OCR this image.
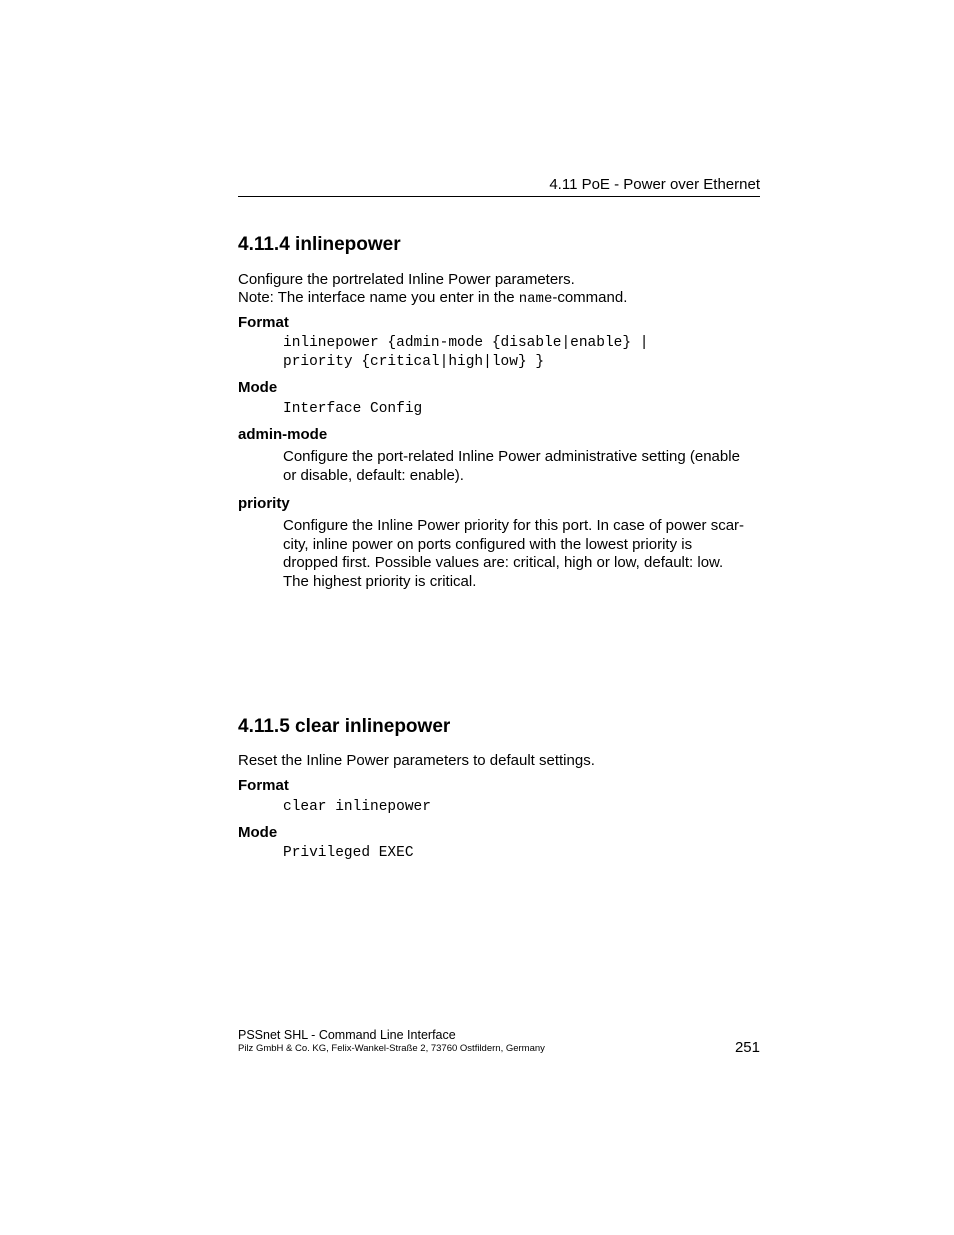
4.11 PoE - Power over Ethernet
4.11.4 inlinepower

Configure the portrelated Inline Power parameters.
Note: The interface name you enter in the name-command.

Format
inlinepower {admin-mode {disable|enable} |
priority {critical|high|low} }
Mode
Interface Config
admin-mode

Configure the port-related Inline Power administrative setting (enable
or disable, default: enable).

priority

Configure the Inline Power priority for this port. In case of power scar-
city, inline power on ports configured with the lowest priority is
dropped first. Possible values are: critical, high or low, default: low.
The highest priority is critical.

4.11.5 clear inlinepower

Reset the Inline Power parameters to default settings.

Format
clear inlinepower
Mode
Privileged EXEC
PSSnet SHL - Command Line Interface
Pilz GmbH & Co. KG, Felix-Wankel-Straße 2, 73760 Ostfildern, Germany	251
